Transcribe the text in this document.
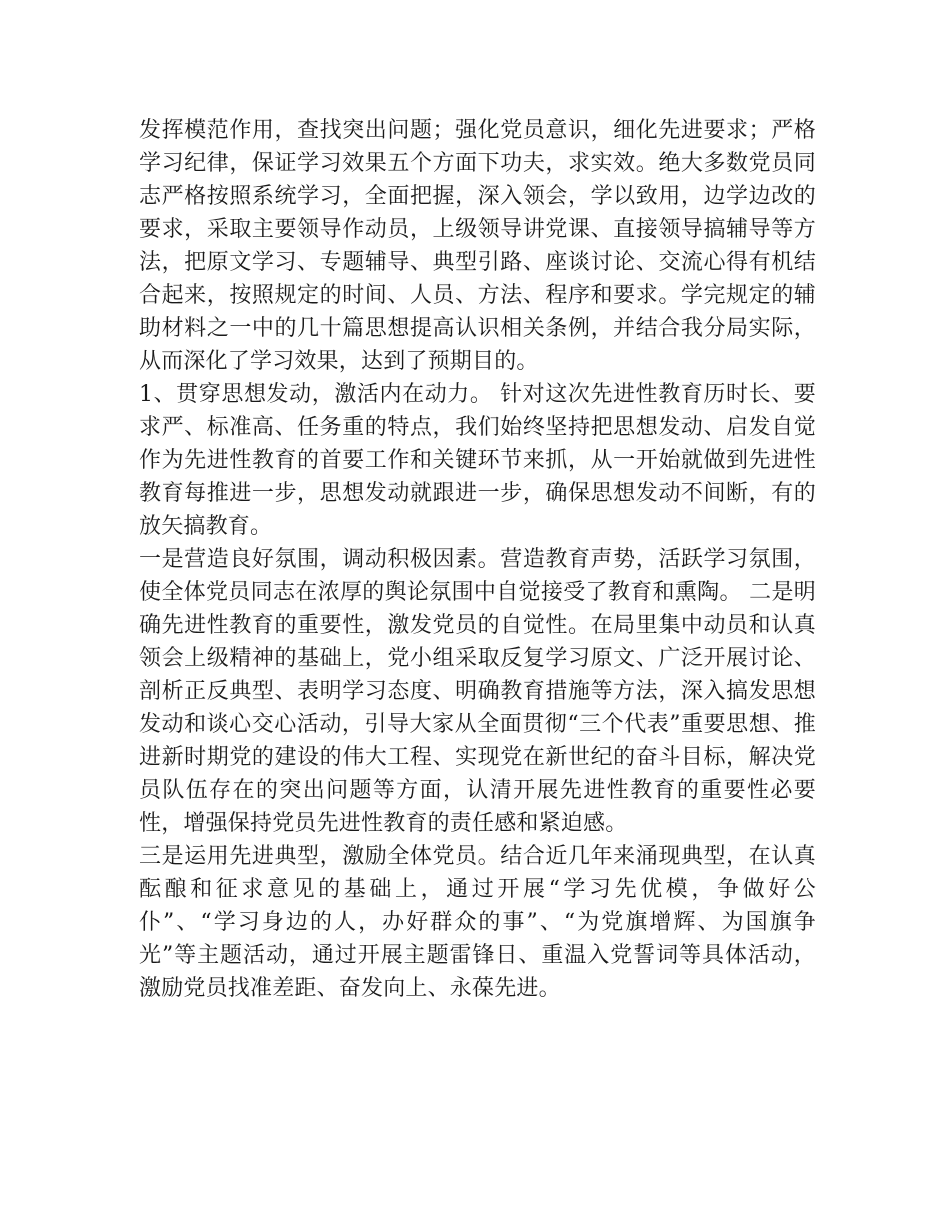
发挥模范作用，查找突出问题；强化党员意识，细化先进要求；严格学习纪律，保证学习效果五个方面下功夫，求实效。绝大多数党员同志严格按照系统学习，全面把握，深入领会，学以致用，边学边改的要求，采取主要领导作动员，上级领导讲党课、直接领导搞辅导等方法，把原文学习、专题辅导、典型引路、座谈讨论、交流心得有机结合起来，按照规定的时间、人员、方法、程序和要求。学完规定的辅助材料之一中的几十篇思想提高认识相关条例，并结合我分局实际，从而深化了学习效果，达到了预期目的。

1、贯穿思想发动，激活内在动力。 针对这次先进性教育历时长、要求严、标准高、任务重的特点，我们始终坚持把思想发动、启发自觉作为先进性教育的首要工作和关键环节来抓，从一开始就做到先进性教育每推进一步，思想发动就跟进一步，确保思想发动不间断，有的放矢搞教育。

一是营造良好氛围，调动积极因素。营造教育声势，活跃学习氛围，使全体党员同志在浓厚的舆论氛围中自觉接受了教育和熏陶。 二是明确先进性教育的重要性，激发党员的自觉性。在局里集中动员和认真领会上级精神的基础上，党小组采取反复学习原文、广泛开展讨论、剖析正反典型、表明学习态度、明确教育措施等方法，深入搞发思想发动和谈心交心活动，引导大家从全面贯彻“三个代表”重要思想、推进新时期党的建设的伟大工程、实现党在新世纪的奋斗目标，解决党员队伍存在的突出问题等方面，认清开展先进性教育的重要性必要性，增强保持党员先进性教育的责任感和紧迫感。

三是运用先进典型，激励全体党员。结合近几年来涌现典型，在认真酝酿和征求意见的基础上，通过开展“学习先优模，争做好公仆”、“学习身边的人，办好群众的事”、“为党旗增辉、为国旗争光”等主题活动，通过开展主题雷锋日、重温入党誓词等具体活动，激励党员找准差距、奋发向上、永葆先进。
